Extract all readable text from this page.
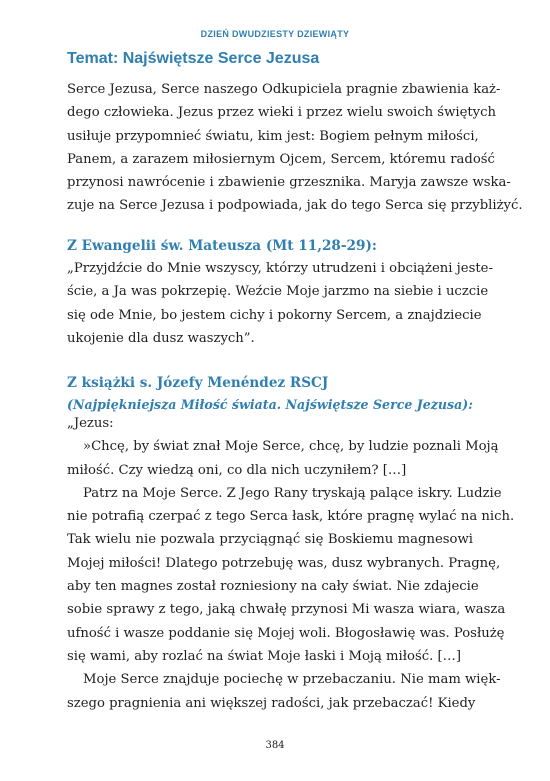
DZIEŃ DWUDZIESTY DZIEWIĄTY
Temat: Najświętsze Serce Jezusa
Serce Jezusa, Serce naszego Odkupiciela pragnie zbawienia każ-
dego człowieka. Jezus przez wieki i przez wielu swoich świętych
usiłuje przypomnieć światu, kim jest: Bogiem pełnym miłości,
Panem, a zarazem miłosiernym Ojcem, Sercem, któremu radość
przynosi nawrócenie i zbawienie grzesznika. Maryja zawsze wska-
zuje na Serce Jezusa i podpowiada, jak do tego Serca się przybliżyć.
Z Ewangelii św. Mateusza (Mt 11,28-29):
„Przyjdźcie do Mnie wszyscy, którzy utrudzeni i obciążeni jeste-
ście, a Ja was pokrzepię. Weźcie Moje jarzmo na siebie i uczcie
się ode Mnie, bo jestem cichy i pokorny Sercem, a znajdziecie
ukojenie dla dusz waszych”.
Z książki s. Józefy Menéndez RSCJ
(Najpiękniejsza Miłość świata. Najświętsze Serce Jezusa):
„Jezus:
»Chcę, by świat znał Moje Serce, chcę, by ludzie poznali Moją
miłość. Czy wiedzą oni, co dla nich uczyniłem? […]
Patrz na Moje Serce. Z Jego Rany tryskają palące iskry. Ludzie
nie potrafią czerpać z tego Serca łask, które pragnę wylać na nich.
Tak wielu nie pozwala przyciągnąć się Boskiemu magnesowi
Mojej miłości! Dlatego potrzebuję was, dusz wybranych. Pragnę,
aby ten magnes został rozniesiony na cały świat. Nie zdajecie
sobie sprawy z tego, jaką chwałę przynosi Mi wasza wiara, wasza
ufność i wasze poddanie się Mojej woli. Błogosławię was. Posłużę
się wami, aby rozlać na świat Moje łaski i Moją miłość. […]
Moje Serce znajduje pociechę w przebaczaniu. Nie mam więk-
szego pragnienia ani większej radości, jak przebaczać! Kiedy
384
